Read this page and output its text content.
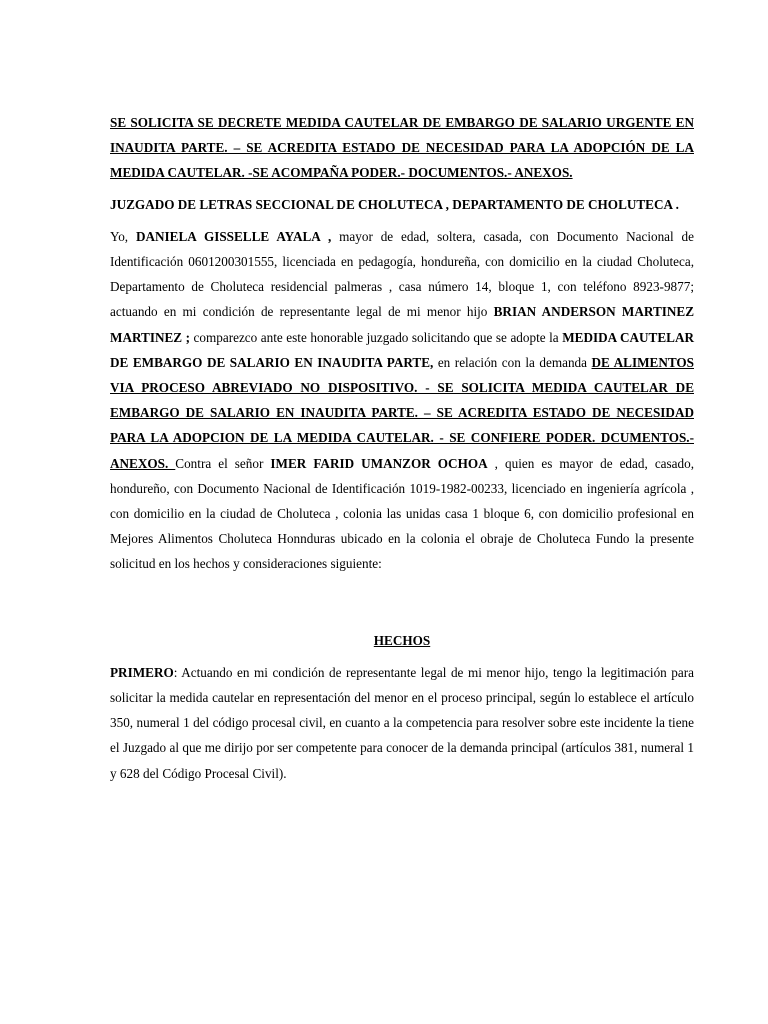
SE SOLICITA SE DECRETE MEDIDA CAUTELAR DE EMBARGO DE SALARIO URGENTE EN INAUDITA PARTE. – SE ACREDITA ESTADO DE NECESIDAD PARA LA ADOPCIÓN DE LA MEDIDA CAUTELAR. -SE ACOMPAÑA PODER.- DOCUMENTOS.- ANEXOS.

JUZGADO DE LETRAS SECCIONAL DE CHOLUTECA , DEPARTAMENTO DE CHOLUTECA .

Yo, DANIELA GISSELLE AYALA , mayor de edad, soltera, casada, con Documento Nacional de Identificación 0601200301555, licenciada en pedagogía, hondureña, con domicilio en la ciudad Choluteca, Departamento de Choluteca residencial palmeras , casa número 14, bloque 1, con teléfono 8923-9877; actuando en mi condición de representante legal de mi menor hijo BRIAN ANDERSON MARTINEZ MARTINEZ ; comparezco ante este honorable juzgado solicitando que se adopte la MEDIDA CAUTELAR DE EMBARGO DE SALARIO EN INAUDITA PARTE, en relación con la demanda DE ALIMENTOS VIA PROCESO ABREVIADO NO DISPOSITIVO. - SE SOLICITA MEDIDA CAUTELAR DE EMBARGO DE SALARIO EN INAUDITA PARTE. – SE ACREDITA ESTADO DE NECESIDAD PARA LA ADOPCION DE LA MEDIDA CAUTELAR. - SE CONFIERE PODER. DCUMENTOS.- ANEXOS. Contra el señor IMER FARID UMANZOR OCHOA , quien es mayor de edad, casado, hondureño, con Documento Nacional de Identificación 1019-1982-00233, licenciado en ingeniería agrícola , con domicilio en la ciudad de Choluteca , colonia las unidas casa 1 bloque 6, con domicilio profesional en Mejores Alimentos Choluteca Honnduras ubicado en la colonia el obraje de Choluteca Fundo la presente solicitud en los hechos y consideraciones siguiente:

HECHOS

PRIMERO: Actuando en mi condición de representante legal de mi menor hijo, tengo la legitimación para solicitar la medida cautelar en representación del menor en el proceso principal, según lo establece el artículo 350, numeral 1 del código procesal civil, en cuanto a la competencia para resolver sobre este incidente la tiene el Juzgado al que me dirijo por ser competente para conocer de la demanda principal (artículos 381, numeral 1 y 628 del Código Procesal Civil).
